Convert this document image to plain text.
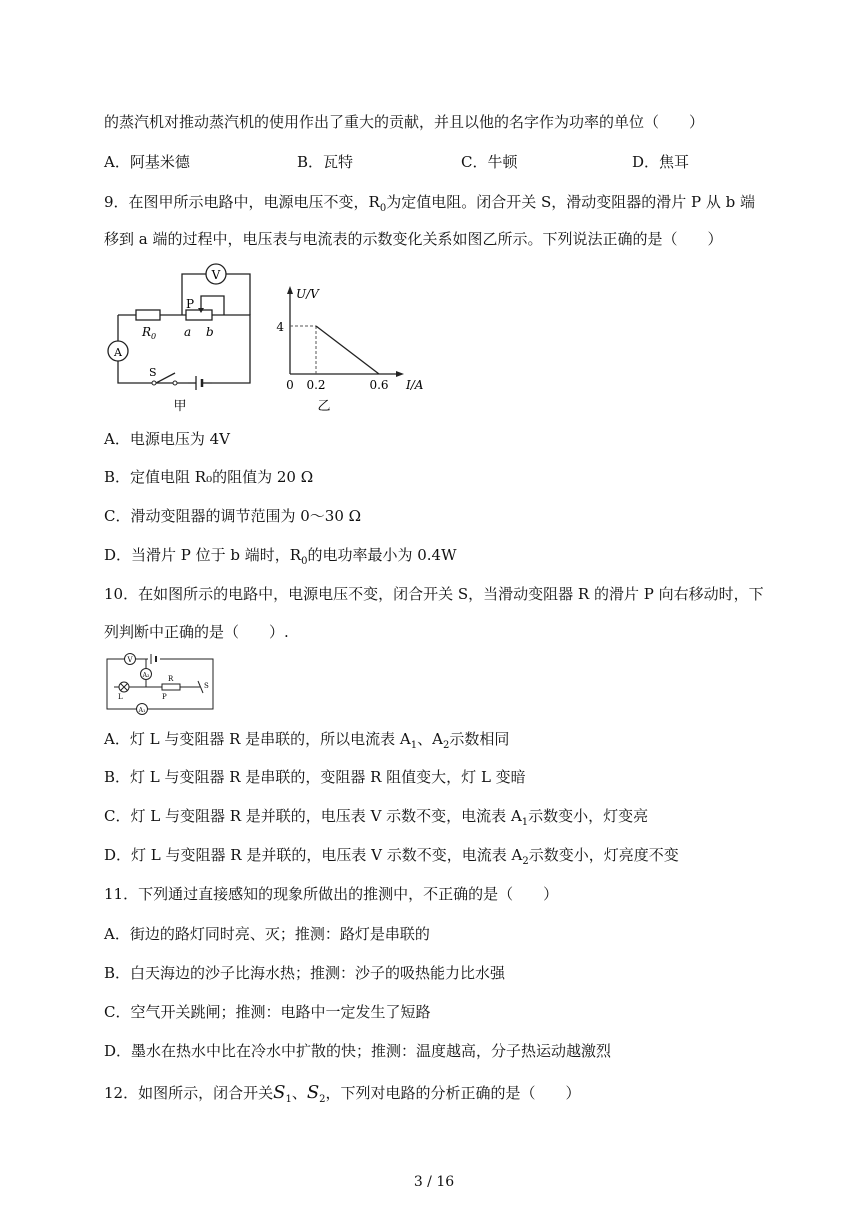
的蒸汽机对推动蒸汽机的使用作出了重大的贡献，并且以他的名字作为功率的单位（　　）
A．阿基米德	B．瓦特	C．牛顿	D．焦耳
9．在图甲所示电路中，电源电压不变，$R_0$为定值电阻。闭合开关 S，滑动变阻器的滑片 P 从 b 端
移到 a 端的过程中，电压表与电流表的示数变化关系如图乙所示。下列说法正确的是（　　）
V
A
$R_0$
P
a b
S
甲
U/V
4
0 0.2	0.6 I/A
乙
A．电源电压为 4V
B．定值电阻 R₀的阻值为 20 Ω
C．滑动变阻器的调节范围为 0～30 Ω
D．当滑片 P 位于 b 端时，$R_0$的电功率最小为 0.4W
10．在如图所示的电路中，电源电压不变，闭合开关 S，当滑动变阻器 R 的滑片 P 向右移动时，下
列判断中正确的是（　　）.
V
A₂
L
R
P
S
A₁
A．灯 L 与变阻器 R 是串联的，所以电流表 $A_1$、$A_2$示数相同
B．灯 L 与变阻器 R 是串联的，变阻器 R 阻值变大，灯 L 变暗
C．灯 L 与变阻器 R 是并联的，电压表 V 示数不变，电流表 $A_1$示数变小，灯变亮
D．灯 L 与变阻器 R 是并联的，电压表 V 示数不变，电流表 $A_2$示数变小，灯亮度不变
11．下列通过直接感知的现象所做出的推测中，不正确的是（　　）
A．街边的路灯同时亮、灭；推测：路灯是串联的
B．白天海边的沙子比海水热；推测：沙子的吸热能力比水强
C．空气开关跳闸；推测：电路中一定发生了短路
D．墨水在热水中比在冷水中扩散的快；推测：温度越高，分子热运动越激烈
12．如图所示，闭合开关$S_1$、$S_2$，下列对电路的分析正确的是（　　）
3 / 16
